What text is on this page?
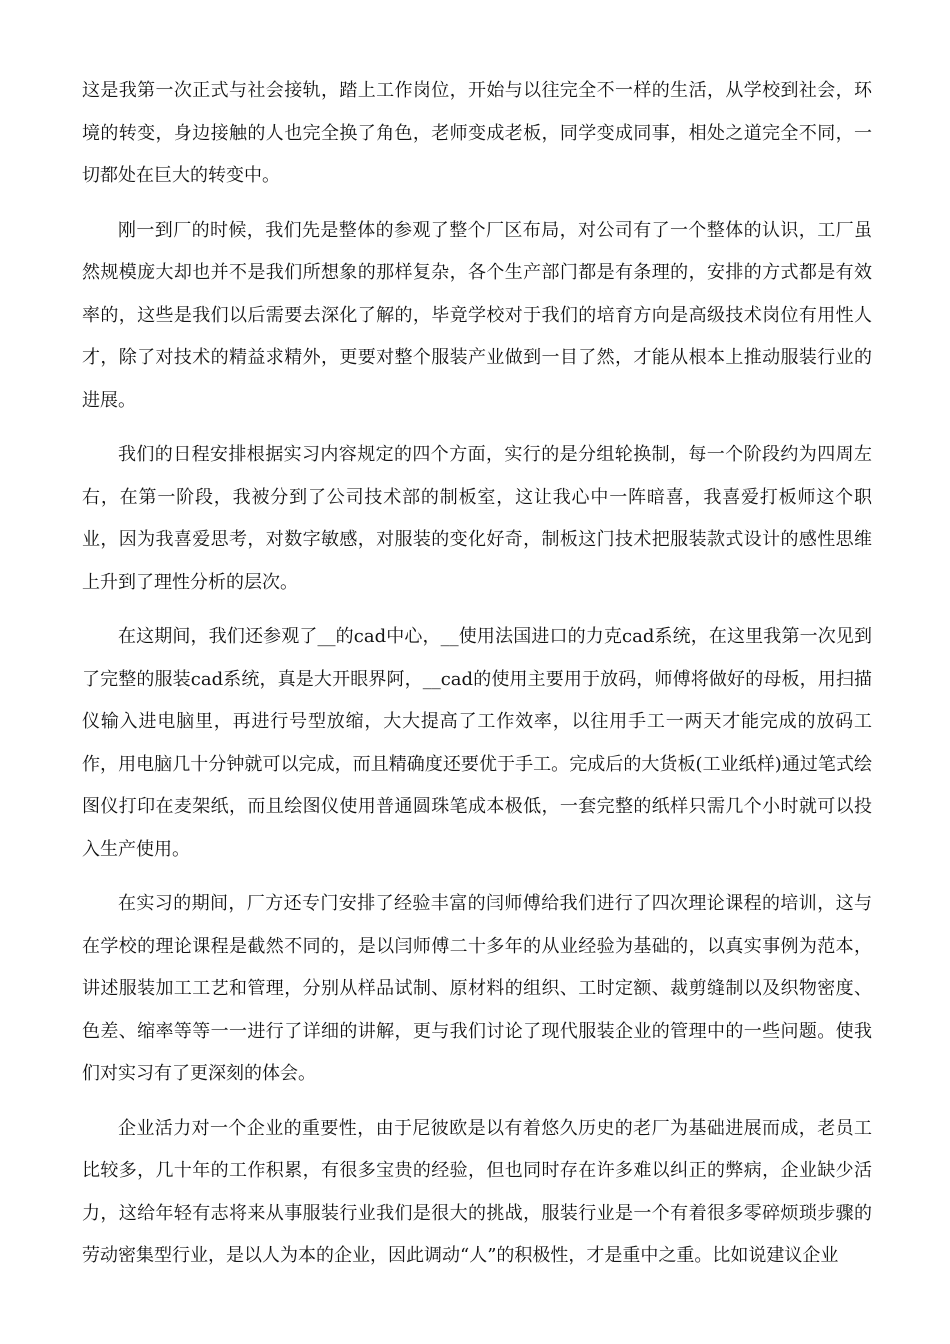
这是我第一次正式与社会接轨，踏上工作岗位，开始与以往完全不一样的生活，从学校到社会，环境的转变，身边接触的人也完全换了角色，老师变成老板，同学变成同事，相处之道完全不同，一切都处在巨大的转变中。

刚一到厂的时候，我们先是整体的参观了整个厂区布局，对公司有了一个整体的认识，工厂虽然规模庞大却也并不是我们所想象的那样复杂，各个生产部门都是有条理的，安排的方式都是有效率的，这些是我们以后需要去深化了解的，毕竟学校对于我们的培育方向是高级技术岗位有用性人才，除了对技术的精益求精外，更要对整个服装产业做到一目了然，才能从根本上推动服装行业的进展。

我们的日程安排根据实习内容规定的四个方面，实行的是分组轮换制，每一个阶段约为四周左右，在第一阶段，我被分到了公司技术部的制板室，这让我心中一阵暗喜，我喜爱打板师这个职业，因为我喜爱思考，对数字敏感，对服装的变化好奇，制板这门技术把服装款式设计的感性思维上升到了理性分析的层次。

在这期间，我们还参观了__的cad中心，__使用法国进口的力克cad系统，在这里我第一次见到了完整的服装cad系统，真是大开眼界阿，__cad的使用主要用于放码，师傅将做好的母板，用扫描仪输入进电脑里，再进行号型放缩，大大提高了工作效率，以往用手工一两天才能完成的放码工作，用电脑几十分钟就可以完成，而且精确度还要优于手工。完成后的大货板(工业纸样)通过笔式绘图仪打印在麦架纸，而且绘图仪使用普通圆珠笔成本极低，一套完整的纸样只需几个小时就可以投入生产使用。

在实习的期间，厂方还专门安排了经验丰富的闫师傅给我们进行了四次理论课程的培训，这与在学校的理论课程是截然不同的，是以闫师傅二十多年的从业经验为基础的，以真实事例为范本，讲述服装加工工艺和管理，分别从样品试制、原材料的组织、工时定额、裁剪缝制以及织物密度、色差、缩率等等一一进行了详细的讲解，更与我们讨论了现代服装企业的管理中的一些问题。使我们对实习有了更深刻的体会。

企业活力对一个企业的重要性，由于尼彼欧是以有着悠久历史的老厂为基础进展而成，老员工比较多，几十年的工作积累，有很多宝贵的经验，但也同时存在许多难以纠正的弊病，企业缺少活力，这给年轻有志将来从事服装行业我们是很大的挑战，服装行业是一个有着很多零碎烦琐步骤的劳动密集型行业，是以人为本的企业，因此调动“人”的积极性，才是重中之重。比如说建议企业
